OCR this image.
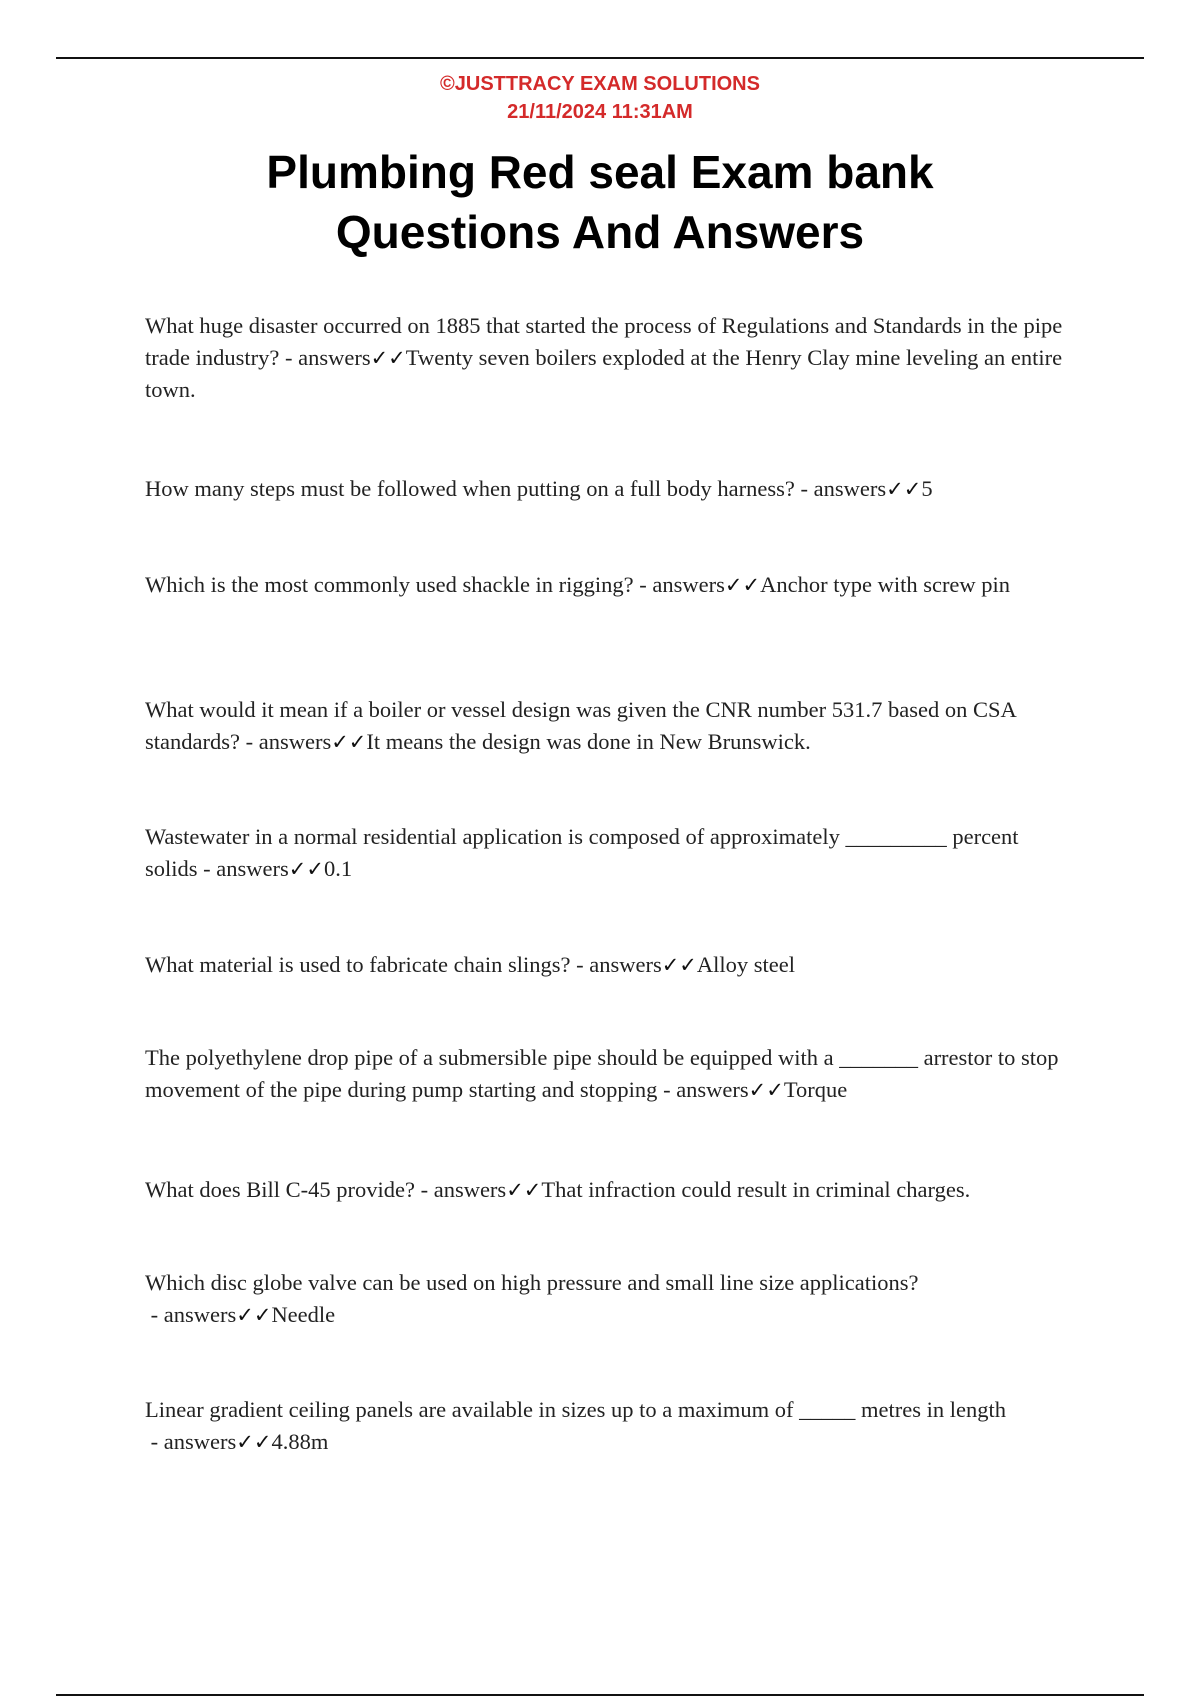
©JUSTTRACY EXAM SOLUTIONS
21/11/2024 11:31AM
Plumbing Red seal Exam bank
Questions And Answers
What huge disaster occurred on 1885 that started the process of Regulations and Standards in the pipe trade industry? - answers✓✓Twenty seven boilers exploded at the Henry Clay mine leveling an entire town.
How many steps must be followed when putting on a full body harness? - answers✓✓5
Which is the most commonly used shackle in rigging? - answers✓✓Anchor type with screw pin
What would it mean if a boiler or vessel design was given the CNR number 531.7 based on CSA standards? - answers✓✓It means the design was done in New Brunswick.
Wastewater in a normal residential application is composed of approximately _________ percent solids - answers✓✓0.1
What material is used to fabricate chain slings? - answers✓✓Alloy steel
The polyethylene drop pipe of a submersible pipe should be equipped with a _______ arrestor to stop movement of the pipe during pump starting and stopping - answers✓✓Torque
What does Bill C-45 provide? - answers✓✓That infraction could result in criminal charges.
Which disc globe valve can be used on high pressure and small line size applications? - answers✓✓Needle
Linear gradient ceiling panels are available in sizes up to a maximum of _____ metres in length - answers✓✓4.88m
